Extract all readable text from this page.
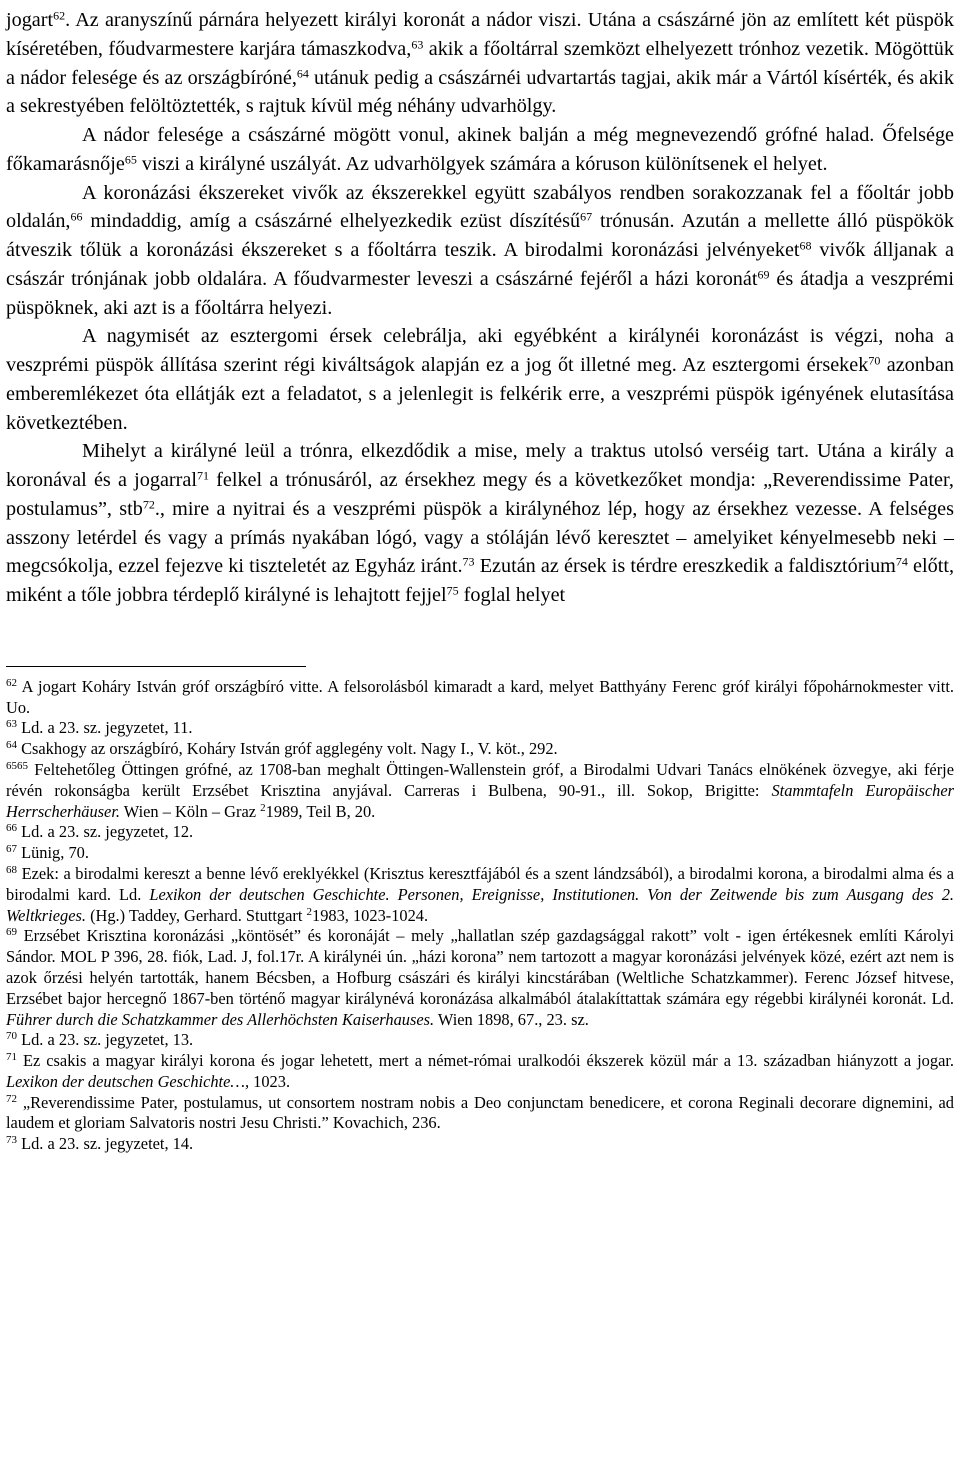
jogart$^{62}$. Az aranyszínű párnára helyezett királyi koronát a nádor viszi. Utána a császárné jön az említett két püspök kíséretében, főudvarmestere karjára támaszkodva,$^{63}$ akik a főoltárral szemközt elhelyezett trónhoz vezetik. Mögöttük a nádor felesége és az országbíróné,$^{64}$ utánuk pedig a császárnéi udvartartás tagjai, akik már a Vártól kísérték, és akik a sekrestyében felöltöztették, s rajtuk kívül még néhány udvarhölgy.

A nádor felesége a császárné mögött vonul, akinek balján a még megnevezendő grófné halad. Őfelsége főkamarásnője$^{65}$ viszi a királyné uszályát. Az udvarhölgyek számára a kóruson különítsenek el helyet.

A koronázási ékszereket vivők az ékszerekkel együtt szabályos rendben sorakozzanak fel a főoltár jobb oldalán,$^{66}$ mindaddig, amíg a császárné elhelyezkedik ezüst díszítésű$^{67}$ trónusán. Azután a mellette álló püspökök átveszik tőlük a koronázási ékszereket s a főoltárra teszik. A birodalmi koronázási jelvényeket$^{68}$ vivők álljanak a császár trónjának jobb oldalára. A főudvarmester leveszi a császárné fejéről a házi koronát$^{69}$ és átadja a veszprémi püspöknek, aki azt is a főoltárra helyezi.

A nagymisét az esztergomi érsek celebrálja, aki egyébként a királynéi koronázást is végzi, noha a veszprémi püspök állítása szerint régi kiváltságok alapján ez a jog őt illetné meg. Az esztergomi érsekek$^{70}$ azonban emberemlékezet óta ellátják ezt a feladatot, s a jelenlegit is felkérik erre, a veszprémi püspök igényének elutasítása következtében.

Mihelyt a királyné leül a trónra, elkezdődik a mise, mely a traktus utolsó verséig tart. Utána a király a koronával és a jogarral$^{71}$ felkel a trónusáról, az érsekhez megy és a következőket mondja: „Reverendissime Pater, postulamus”, stb$^{72}$., mire a nyitrai és a veszprémi püspök a királynéhoz lép, hogy az érsekhez vezesse. A felséges asszony letérdel és vagy a prímás nyakában lógó, vagy a stóláján lévő keresztet – amelyiket kényelmesebb neki – megcsókolja, ezzel fejezve ki tiszteletét az Egyház iránt.$^{73}$ Ezután az érsek is térdre ereszkedik a faldisztórium$^{74}$ előtt, miként a tőle jobbra térdeplő királyné is lehajtott fejjel$^{75}$ foglal helyet

$^{62}$ A jogart Koháry István gróf országbíró vitte. A felsorolásból kimaradt a kard, melyet Batthyány Ferenc gróf királyi főpohárnokmester vitt. Uo.

$^{63}$ Ld. a 23. sz. jegyzetet, 11.

$^{64}$ Csakhogy az országbíró, Koháry István gróf agglegény volt. Nagy I., V. köt., 292.

$^{6565}$ Feltehetőleg Öttingen grófné, az 1708-ban meghalt Öttingen-Wallenstein gróf, a Birodalmi Udvari Tanács elnökének özvegye, aki férje révén rokonságba került Erzsébet Krisztina anyjával. Carreras i Bulbena, 90-91., ill. Sokop, Brigitte: Stammtafeln Europäischer Herrscherhäuser. Wien – Köln – Graz $^2$1989, Teil B, 20.

$^{66}$ Ld. a 23. sz. jegyzetet, 12.

$^{67}$ Lünig, 70.

$^{68}$ Ezek: a birodalmi kereszt a benne lévő ereklyékkel (Krisztus keresztfájából és a szent lándzsából), a birodalmi korona, a birodalmi alma és a birodalmi kard. Ld. Lexikon der deutschen Geschichte. Personen, Ereignisse, Institutionen. Von der Zeitwende bis zum Ausgang des 2. Weltkrieges. (Hg.) Taddey, Gerhard. Stuttgart $^2$1983, 1023-1024.

$^{69}$ Erzsébet Krisztina koronázási „köntösét” és koronáját – mely „hallatlan szép gazdagsággal rakott” volt - igen értékesnek említi Károlyi Sándor. MOL P 396, 28. fiók, Lad. J, fol.17r. A királynéi ún. „házi korona” nem tartozott a magyar koronázási jelvények közé, ezért azt nem is azok őrzési helyén tartották, hanem Bécsben, a Hofburg császári és királyi kincstárában (Weltliche Schatzkammer). Ferenc József hitvese, Erzsébet bajor hercegnő 1867-ben történő magyar királynévá koronázása alkalmából átalakíttattak számára egy régebbi királynéi koronát. Ld. Führer durch die Schatzkammer des Allerhöchsten Kaiserhauses. Wien 1898, 67., 23. sz.

$^{70}$ Ld. a 23. sz. jegyzetet, 13.

$^{71}$ Ez csakis a magyar királyi korona és jogar lehetett, mert a német-római uralkodói ékszerek közül már a 13. században hiányzott a jogar. Lexikon der deutschen Geschichte…, 1023.

$^{72}$ „Reverendissime Pater, postulamus, ut consortem nostram nobis a Deo conjunctam benedicere, et corona Reginali decorare dignemini, ad laudem et gloriam Salvatoris nostri Jesu Christi.” Kovachich, 236.

$^{73}$ Ld. a 23. sz. jegyzetet, 14.
